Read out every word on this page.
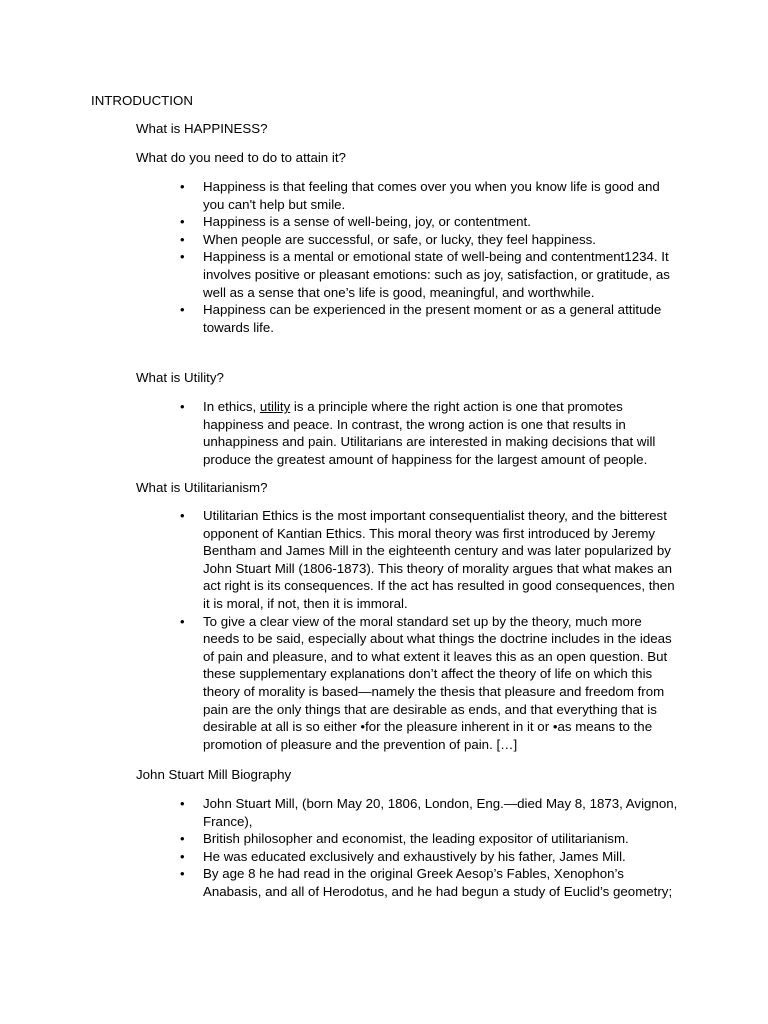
INTRODUCTION

What is HAPPINESS?

What do you need to do to attain it?

• Happiness is that feeling that comes over you when you know life is good and you can't help but smile.
• Happiness is a sense of well-being, joy, or contentment.
• When people are successful, or safe, or lucky, they feel happiness.
• Happiness is a mental or emotional state of well-being and contentment1234. It involves positive or pleasant emotions: such as joy, satisfaction, or gratitude, as well as a sense that one’s life is good, meaningful, and worthwhile.
• Happiness can be experienced in the present moment or as a general attitude towards life.

What is Utility?

• In ethics, utility is a principle where the right action is one that promotes happiness and peace. In contrast, the wrong action is one that results in unhappiness and pain. Utilitarians are interested in making decisions that will produce the greatest amount of happiness for the largest amount of people.

What is Utilitarianism?

• Utilitarian Ethics is the most important consequentialist theory, and the bitterest opponent of Kantian Ethics. This moral theory was first introduced by Jeremy Bentham and James Mill in the eighteenth century and was later popularized by John Stuart Mill (1806-1873). This theory of morality argues that what makes an act right is its consequences. If the act has resulted in good consequences, then it is moral, if not, then it is immoral.
• To give a clear view of the moral standard set up by the theory, much more needs to be said, especially about what things the doctrine includes in the ideas of pain and pleasure, and to what extent it leaves this as an open question. But these supplementary explanations don’t affect the theory of life on which this theory of morality is based—namely the thesis that pleasure and freedom from pain are the only things that are desirable as ends, and that everything that is desirable at all is so either •for the pleasure inherent in it or •as means to the promotion of pleasure and the prevention of pain. […]

John Stuart Mill Biography

• John Stuart Mill, (born May 20, 1806, London, Eng.—died May 8, 1873, Avignon, France),
• British philosopher and economist, the leading expositor of utilitarianism.
• He was educated exclusively and exhaustively by his father, James Mill.
• By age 8 he had read in the original Greek Aesop’s Fables, Xenophon’s Anabasis, and all of Herodotus, and he had begun a study of Euclid’s geometry;
